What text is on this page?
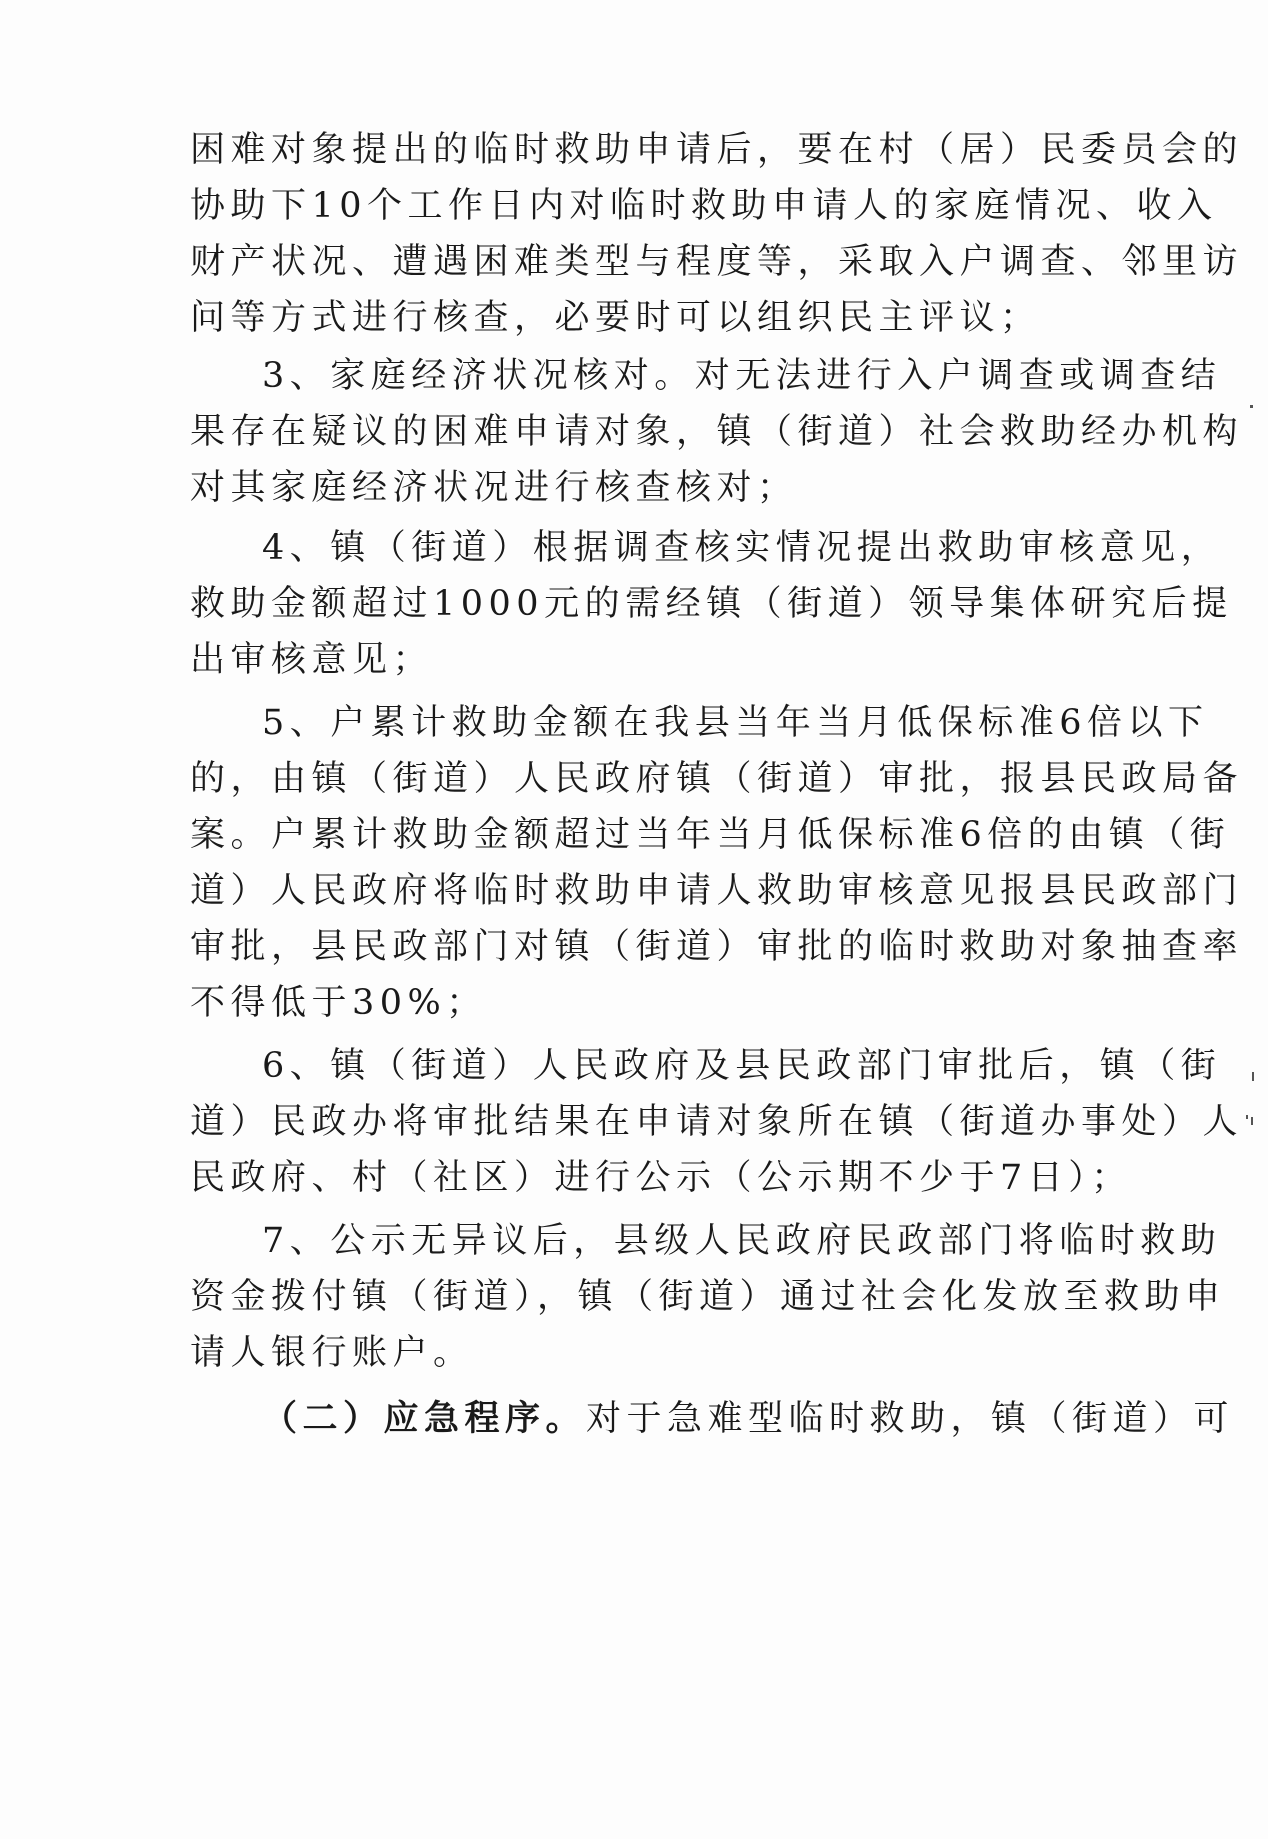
困难对象提出的临时救助申请后，要在村（居）民委员会的
协助下10个工作日内对临时救助申请人的家庭情况、收入
财产状况、遭遇困难类型与程度等，采取入户调查、邻里访
问等方式进行核查，必要时可以组织民主评议；
3、家庭经济状况核对。对无法进行入户调查或调查结
果存在疑议的困难申请对象，镇（街道）社会救助经办机构
对其家庭经济状况进行核查核对；
4、镇（街道）根据调查核实情况提出救助审核意见，
救助金额超过1000元的需经镇（街道）领导集体研究后提
出审核意见；
5、户累计救助金额在我县当年当月低保标准6倍以下
的，由镇（街道）人民政府镇（街道）审批，报县民政局备
案。户累计救助金额超过当年当月低保标准6倍的由镇（街
道）人民政府将临时救助申请人救助审核意见报县民政部门
审批，县民政部门对镇（街道）审批的临时救助对象抽查率
不得低于30%；
6、镇（街道）人民政府及县民政部门审批后，镇（街
道）民政办将审批结果在申请对象所在镇（街道办事处）人
民政府、村（社区）进行公示（公示期不少于7日）；
7、公示无异议后，县级人民政府民政部门将临时救助
资金拨付镇（街道），镇（街道）通过社会化发放至救助申
请人银行账户。
（二）应急程序。对于急难型临时救助，镇（街道）可
